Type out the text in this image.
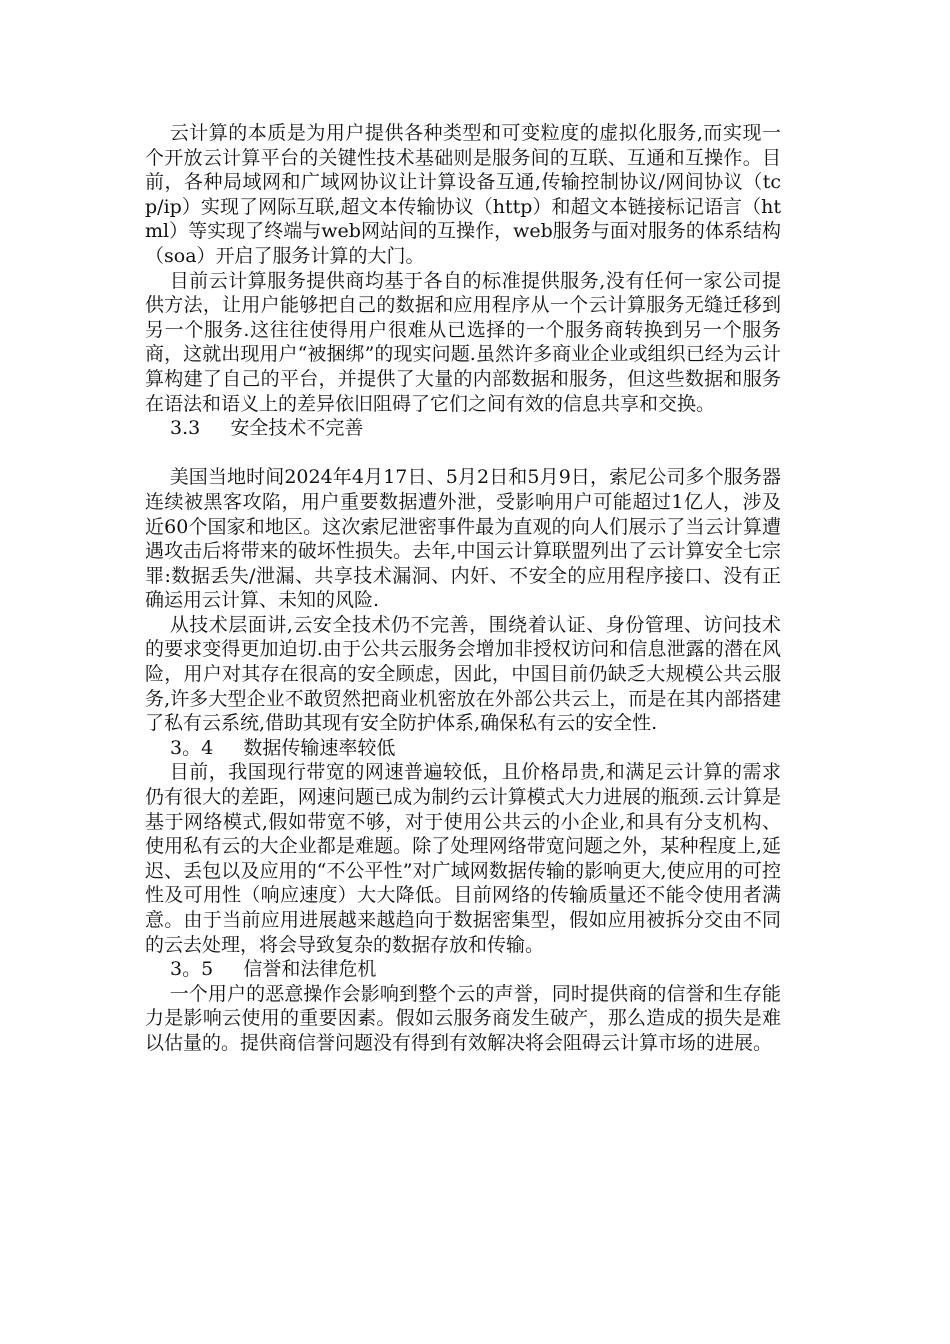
云计算的本质是为用户提供各种类型和可变粒度的虚拟化服务,而实现一个开放云计算平台的关键性技术基础则是服务间的互联、互通和互操作。目前，各种局域网和广域网协议让计算设备互通,传输控制协议/网间协议（tcp/ip）实现了网际互联,超文本传输协议（http）和超文本链接标记语言（html）等实现了终端与web网站间的互操作，web服务与面对服务的体系结构（soa）开启了服务计算的大门。

目前云计算服务提供商均基于各自的标准提供服务,没有任何一家公司提供方法，让用户能够把自己的数据和应用程序从一个云计算服务无缝迁移到另一个服务.这往往使得用户很难从已选择的一个服务商转换到另一个服务商，这就出现用户“被捆绑”的现实问题.虽然许多商业企业或组织已经为云计算构建了自己的平台，并提供了大量的内部数据和服务，但这些数据和服务在语法和语义上的差异依旧阻碍了它们之间有效的信息共享和交换。

3.3     安全技术不完善

美国当地时间2024年4月17日、5月2日和5月9日，索尼公司多个服务器连续被黑客攻陷，用户重要数据遭外泄，受影响用户可能超过1亿人，涉及近60个国家和地区。这次索尼泄密事件最为直观的向人们展示了当云计算遭遇攻击后将带来的破坏性损失。去年,中国云计算联盟列出了云计算安全七宗罪:数据丢失/泄漏、共享技术漏洞、内奸、不安全的应用程序接口、没有正确运用云计算、未知的风险.

从技术层面讲,云安全技术仍不完善，围绕着认证、身份管理、访问技术的要求变得更加迫切.由于公共云服务会增加非授权访问和信息泄露的潜在风险，用户对其存在很高的安全顾虑，因此，中国目前仍缺乏大规模公共云服务,许多大型企业不敢贸然把商业机密放在外部公共云上，而是在其内部搭建了私有云系统,借助其现有安全防护体系,确保私有云的安全性.

3。4     数据传输速率较低

目前，我国现行带宽的网速普遍较低，且价格昂贵,和满足云计算的需求仍有很大的差距，网速问题已成为制约云计算模式大力进展的瓶颈.云计算是基于网络模式,假如带宽不够，对于使用公共云的小企业,和具有分支机构、使用私有云的大企业都是难题。除了处理网络带宽问题之外，某种程度上,延迟、丢包以及应用的“不公平性”对广域网数据传输的影响更大,使应用的可控性及可用性（响应速度）大大降低。目前网络的传输质量还不能令使用者满意。由于当前应用进展越来越趋向于数据密集型，假如应用被拆分交由不同的云去处理，将会导致复杂的数据存放和传输。

3。5     信誉和法律危机

一个用户的恶意操作会影响到整个云的声誉，同时提供商的信誉和生存能力是影响云使用的重要因素。假如云服务商发生破产，那么造成的损失是难以估量的。提供商信誉问题没有得到有效解决将会阻碍云计算市场的进展。
